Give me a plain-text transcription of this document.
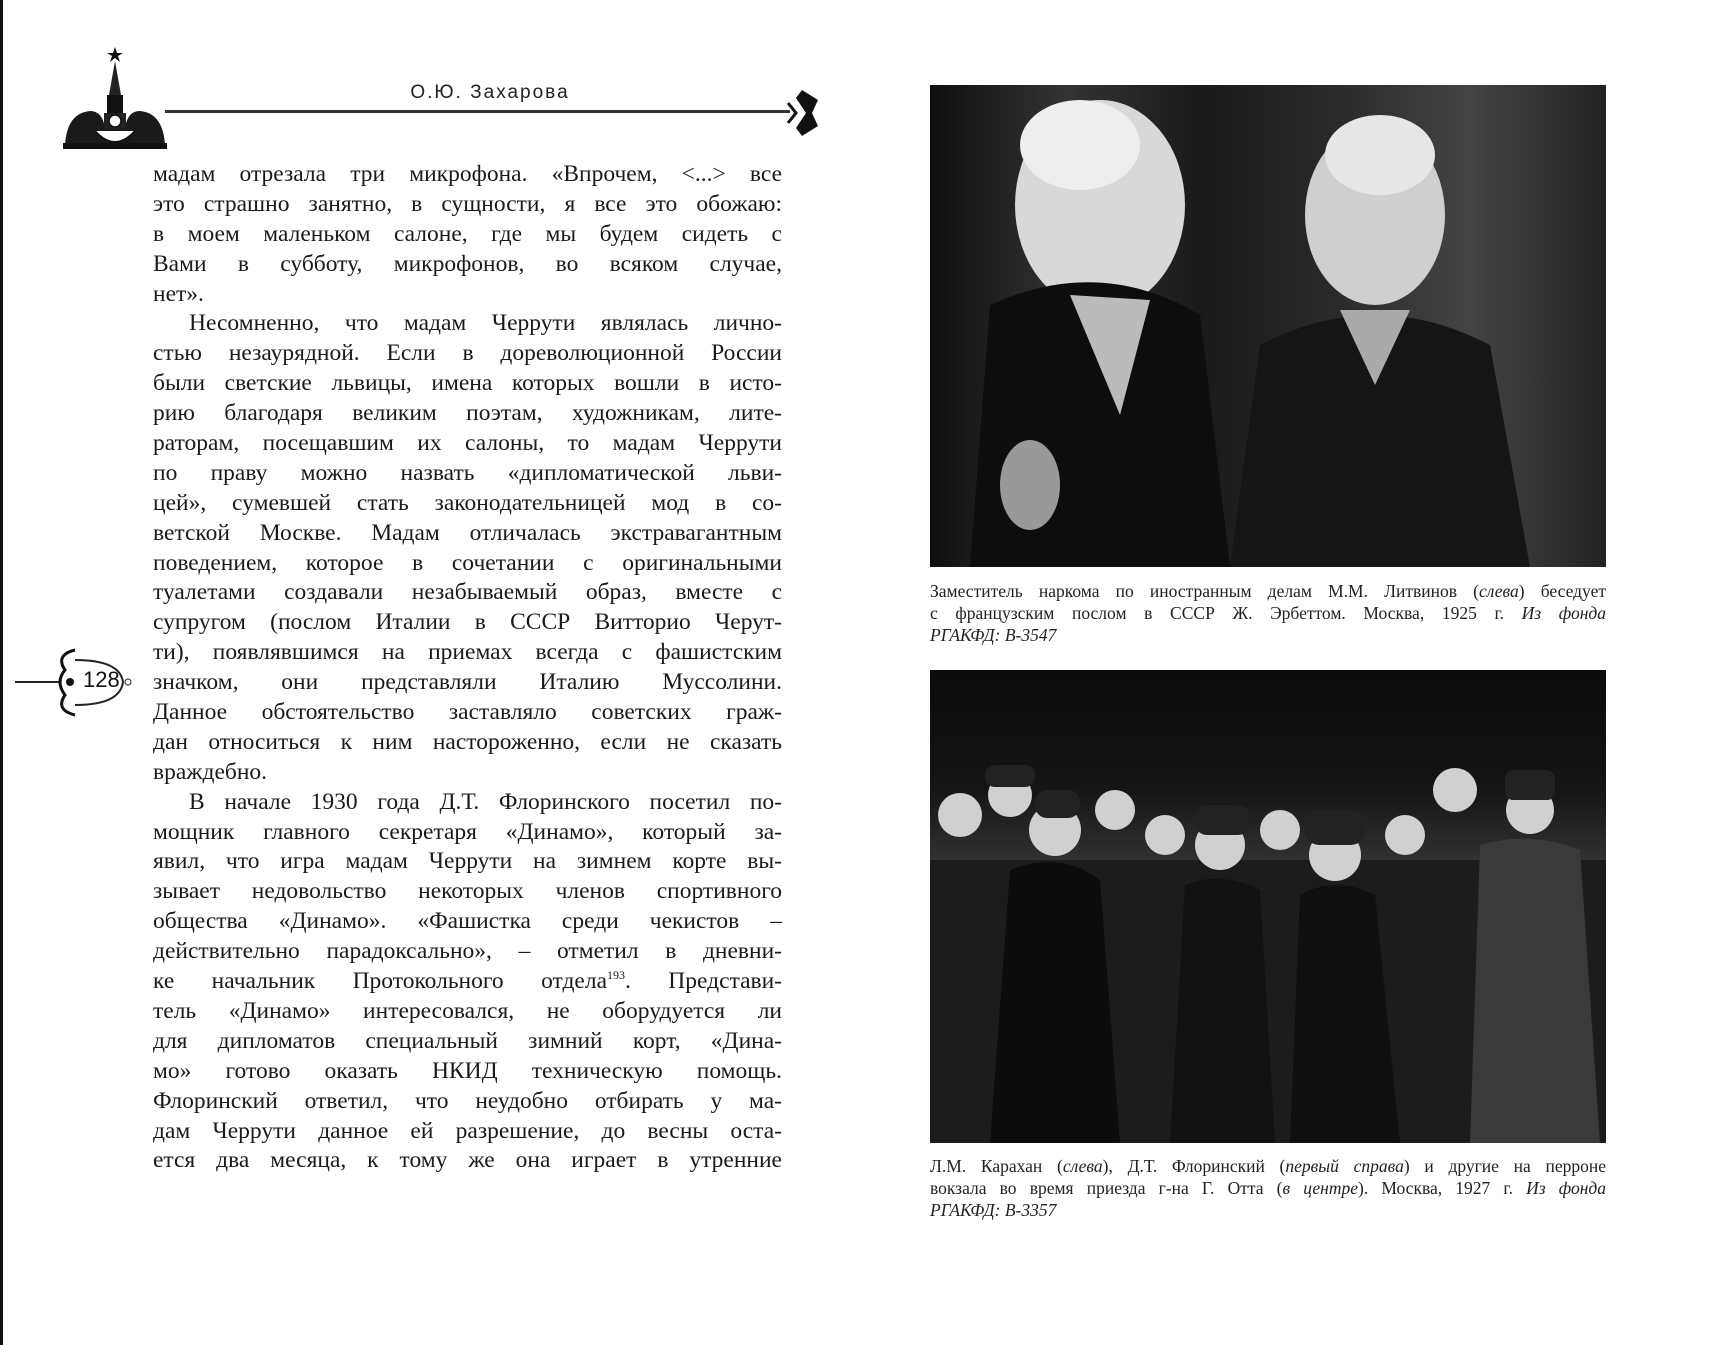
О.Ю. Захарова
мадам отрезала три микрофона. «Впрочем, <...> все
это страшно занятно, в сущности, я все это обожаю:
в моем маленьком салоне, где мы будем сидеть с
Вами в субботу, микрофонов, во всяком случае,
нет».
Несомненно, что мадам Черрути являлась лично-
стью незаурядной. Если в дореволюционной России
были светские львицы, имена которых вошли в исто-
рию благодаря великим поэтам, художникам, лите-
раторам, посещавшим их салоны, то мадам Черрути
по праву можно назвать «дипломатической льви-
цей», сумевшей стать законодательницей мод в со-
ветской Москве. Мадам отличалась экстравагантным
поведением, которое в сочетании с оригинальными
туалетами создавали незабываемый образ, вместе с
супругом (послом Италии в СССР Витторио Черут-
ти), появлявшимся на приемах всегда с фашистским
значком, они представляли Италию Муссолини.
Данное обстоятельство заставляло советских граж-
дан относиться к ним настороженно, если не сказать
враждебно.
В начале 1930 года Д.Т. Флоринского посетил по-
мощник главного секретаря «Динамо», который за-
явил, что игра мадам Черрути на зимнем корте вы-
зывает недовольство некоторых членов спортивного
общества «Динамо». «Фашистка среди чекистов –
действительно парадоксально», – отметил в дневни-
ке начальник Протокольного отдела$^{193}$. Представи-
тель «Динамо» интересовался, не оборудуется ли
для дипломатов специальный зимний корт, «Дина-
мо» готово оказать НКИД техническую помощь.
Флоринский ответил, что неудобно отбирать у ма-
дам Черрути данное ей разрешение, до весны оста-
ется два месяца, к тому же она играет в утренние
128
Заместитель наркома по иностранным делам М.М. Литвинов (слева) беседует
с французским послом в СССР Ж. Эрбеттом. Москва, 1925 г. Из фонда
РГАКФД: В-3547
Л.М. Карахан (слева), Д.Т. Флоринский (первый справа) и другие на перроне
вокзала во время приезда г-на Г. Отта (в центре). Москва, 1927 г. Из фонда
РГАКФД: В-3357
